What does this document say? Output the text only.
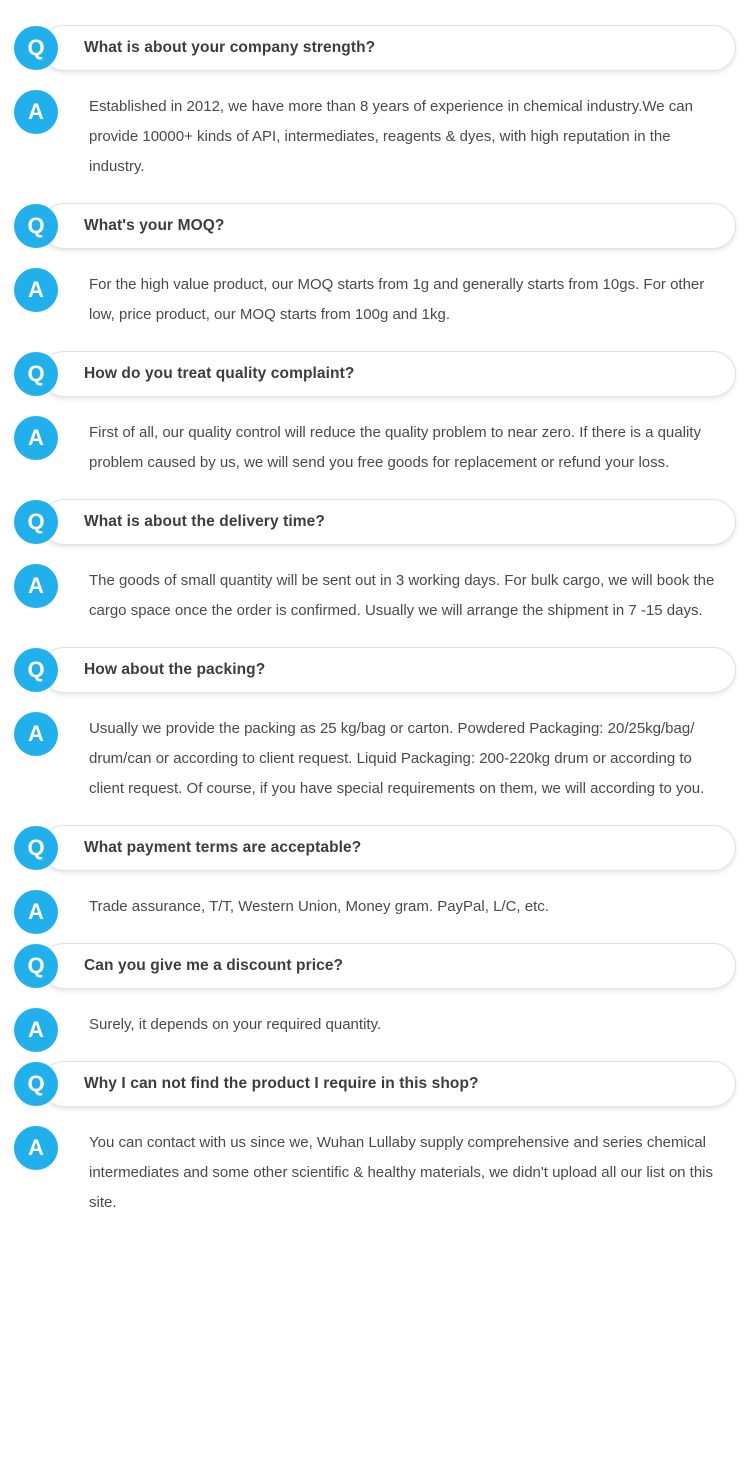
Q	What is about your company strength?
A	Established in 2012, we have more than 8 years of experience in chemical industry.We can provide 10000+ kinds of API, intermediates, reagents & dyes, with high reputation in the industry.
Q	What's your MOQ?
A	For the high value product, our MOQ starts from 1g and generally starts from 10gs. For other low, price product, our MOQ starts from 100g and 1kg.
Q	How do you treat quality complaint?
A	First of all, our quality control will reduce the quality problem to near zero. If there is a quality problem caused by us, we will send you free goods for replacement or refund your loss.
Q	What is about the delivery time?
A	The goods of small quantity will be sent out in 3 working days. For bulk cargo, we will book the cargo space once the order is confirmed. Usually we will arrange the shipment in 7 -15 days.
Q	How about the packing?
A	Usually we provide the packing as 25 kg/bag or carton. Powdered Packaging: 20/25kg/bag/ drum/can or according to client request. Liquid Packaging: 200-220kg drum or according to client request. Of course, if you have special requirements on them, we will according to you.
Q	What payment terms are acceptable?
A	Trade assurance, T/T, Western Union, Money gram. PayPal, L/C, etc.
Q	Can you give me a discount price?
A	Surely, it depends on your required quantity.
Q	Why I can not find the product I require in this shop?
A	You can contact with us since we, Wuhan Lullaby supply comprehensive and series chemical intermediates and some other scientific & healthy materials, we didn't upload all our list on this site.
